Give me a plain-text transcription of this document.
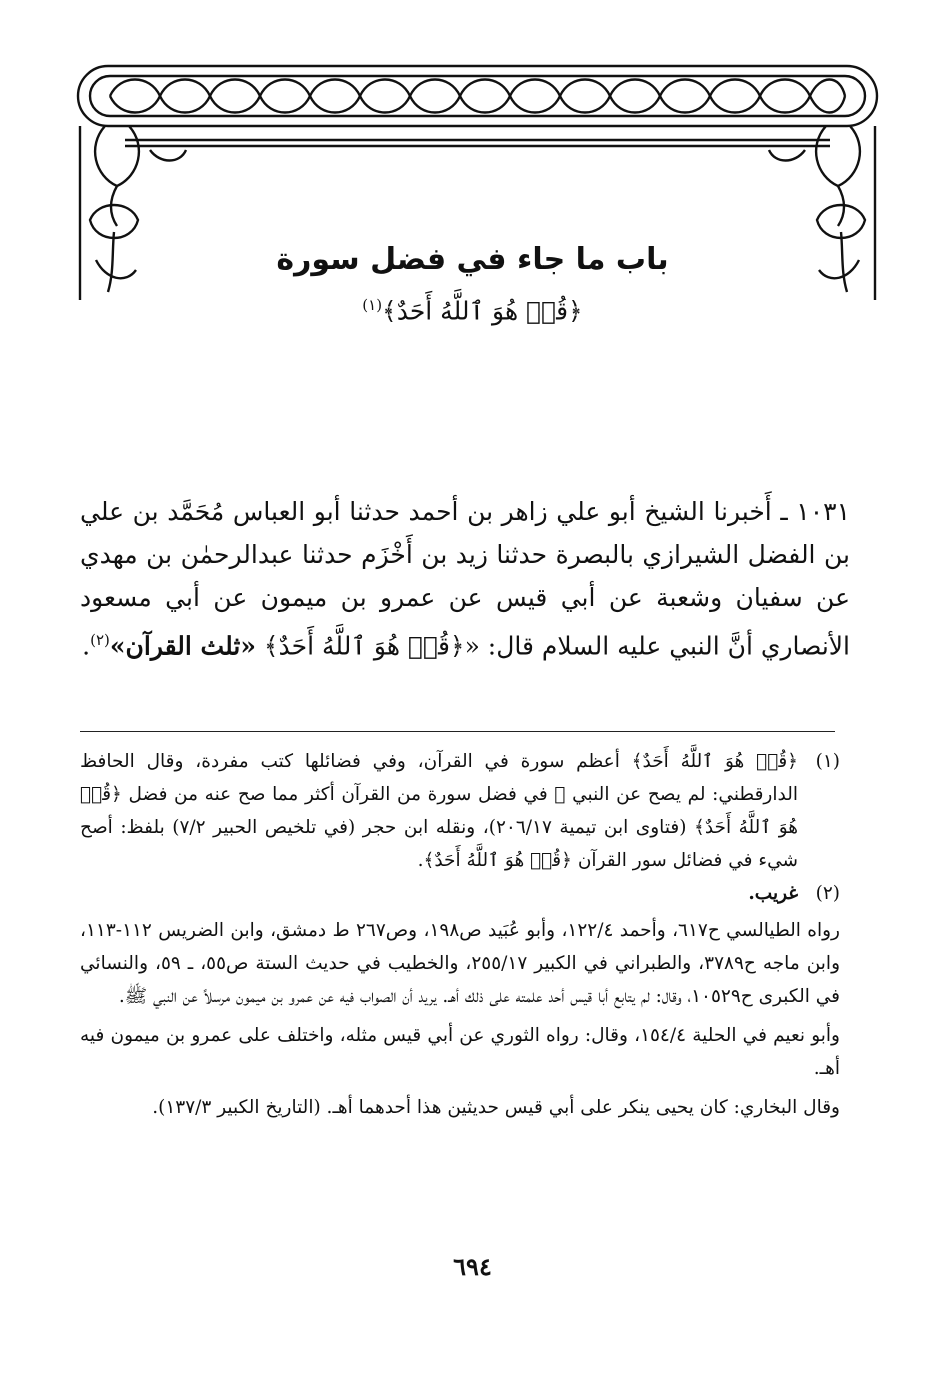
باب ما جاء في فضل سورة

﴿قُلۡ هُوَ ٱللَّهُ أَحَدٌ﴾$^{(١)}$

١٠٣١ ـ أَخبرنا الشيخ أبو علي زاهر بن أحمد حدثنا أبو العباس مُحَمَّد بن علي بن الفضل الشيرازي بالبصرة حدثنا زيد بن أَخْزَم حدثنا عبدالرحمٰن بن مهدي عن سفيان وشعبة عن أبي قيس عن عمرو بن ميمون عن أبي مسعود الأنصاري أنَّ النبي عليه السلام قال: «﴿قُلۡ هُوَ ٱللَّهُ أَحَدٌ﴾ «ثلث القرآن»$^{(٢)}$.
(١)
﴿قُلۡ هُوَ ٱللَّهُ أَحَدٌ﴾ أعظم سورة في القرآن، وفي فضائلها كتب مفردة، وقال الحافظ الدارقطني: لم يصح عن النبي ﷺ في فضل سورة من القرآن أكثر مما صح عنه من فضل ﴿قُلۡ هُوَ ٱللَّهُ أَحَدٌ﴾ (فتاوى ابن تيمية ٢٠٦/١٧)، ونقله ابن حجر (في تلخيص الحبير ٧/٢) بلفظ: أصح شيء في فضائل سور القرآن ﴿قُلۡ هُوَ ٱللَّهُ أَحَدٌ﴾.
(٢)
غريب.

رواه الطيالسي ح٦١٧، وأحمد ١٢٢/٤، وأبو عُبَيد ص١٩٨، وص٢٦٧ ط دمشق، وابن الضريس ١١٢-١١٣، وابن ماجه ح٣٧٨٩، والطبراني في الكبير ٢٥٥/١٧، والخطيب في حديث الستة ص٥٥، ـ ٥٩، والنسائي في الكبرى ح١٠٥٢٩، وقال: لم يتابع أبا قيس أحد علمته على ذلك أهـ. يريد أن الصواب فيه عن عمرو بن ميمون مرسلاً عن النبي ﷺ.

وأبو نعيم في الحلية ١٥٤/٤، وقال: رواه الثوري عن أبي قيس مثله، واختلف على عمرو بن ميمون فيه أهـ.

وقال البخاري: كان يحيى ينكر على أبي قيس حديثين هذا أحدهما أهـ. (التاريخ الكبير ١٣٧/٣).

٦٩٤
